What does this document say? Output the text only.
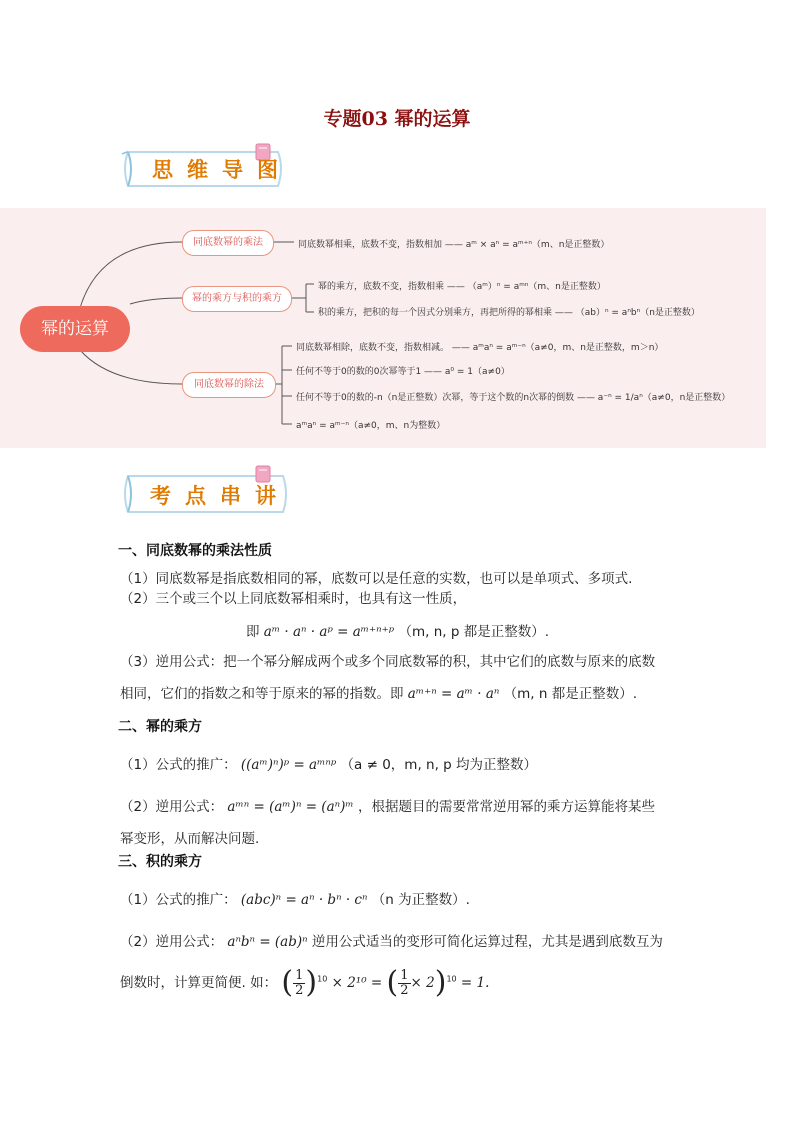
专题03 幂的运算
思维导图
幂的运算
同底数幂的乘法
幂的乘方与积的乘方
同底数幂的除法
同底数幂相乘，底数不变，指数相加 —— aᵐ × aⁿ = aᵐ⁺ⁿ（m、n是正整数）
幂的乘方，底数不变，指数相乘 —— （aᵐ）ⁿ = aᵐⁿ（m、n是正整数）
积的乘方，把积的每一个因式分别乘方，再把所得的幂相乘 —— （ab）ⁿ = aⁿbⁿ（n是正整数）
同底数幂相除，底数不变，指数相减。 —— aᵐaⁿ = aᵐ⁻ⁿ（a≠0，m、n是正整数，m＞n）
任何不等于0的数的0次幂等于1 —— a⁰ = 1（a≠0）
任何不等于0的数的-n（n是正整数）次幂，等于这个数的n次幂的倒数 —— a⁻ⁿ = 1/aⁿ（a≠0，n是正整数）
aᵐaⁿ = aᵐ⁻ⁿ（a≠0，m、n为整数）
考点串讲
一、同底数幂的乘法性质
（1）同底数幂是指底数相同的幂，底数可以是任意的实数，也可以是单项式、多项式.
（2）三个或三个以上同底数幂相乘时，也具有这一性质，
即 aᵐ · aⁿ · aᵖ = aᵐ⁺ⁿ⁺ᵖ （m, n, p 都是正整数）.
（3）逆用公式：把一个幂分解成两个或多个同底数幂的积，其中它们的底数与原来的底数
相同，它们的指数之和等于原来的幂的指数。即 aᵐ⁺ⁿ = aᵐ · aⁿ （m, n 都是正整数）.
二、幂的乘方
（1）公式的推广： ((aᵐ)ⁿ)ᵖ = aᵐⁿᵖ （a ≠ 0，m, n, p 均为正整数）
（2）逆用公式： aᵐⁿ = (aᵐ)ⁿ = (aⁿ)ᵐ ，根据题目的需要常常逆用幂的乘方运算能将某些
幂变形，从而解决问题.
三、积的乘方
（1）公式的推广： (abc)ⁿ = aⁿ · bⁿ · cⁿ （n 为正整数）.
（2）逆用公式： aⁿbⁿ = (ab)ⁿ 逆用公式适当的变形可简化运算过程，尤其是遇到底数互为
倒数时，计算更简便. 如： ( $\frac{1}{2} )^{10} \times 2^{10}$ = ( $\frac{1}{2} \times 2)^{10} = 1$.
